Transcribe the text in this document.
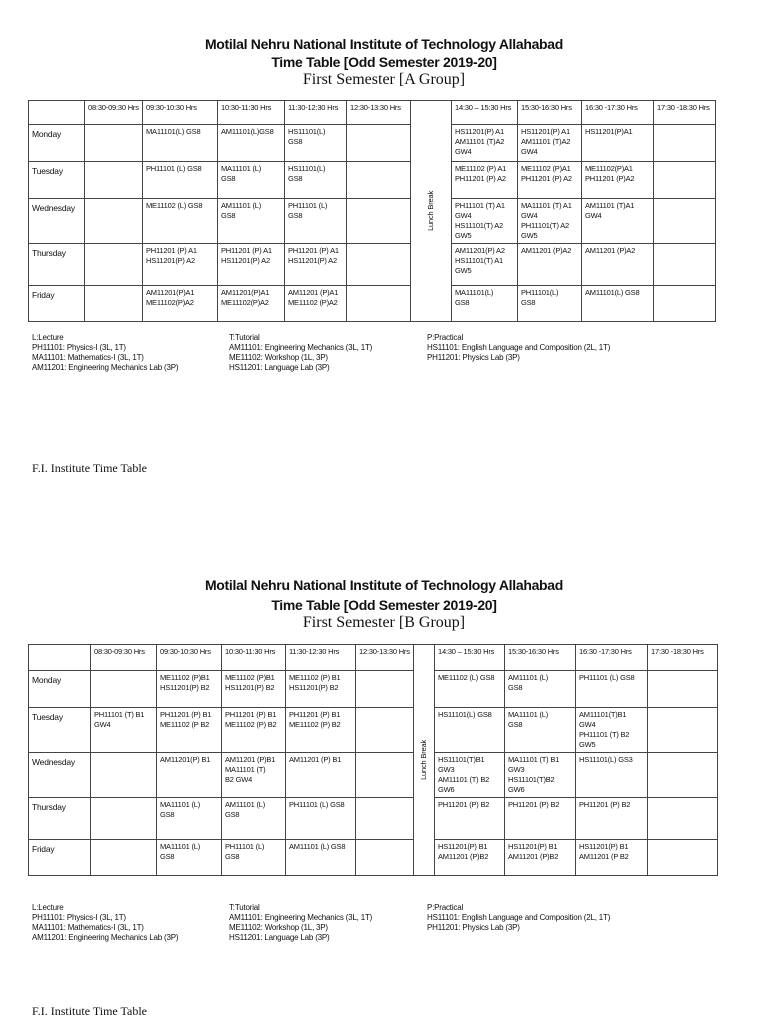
Motilal Nehru National Institute of Technology Allahabad
Time Table [Odd Semester 2019-20]
First Semester [A Group]
	08:30-09:30 Hrs	09:30-10:30 Hrs	10:30-11:30 Hrs	11:30-12:30 Hrs	12:30-13:30 Hrs	Lunch Break	14:30 – 15:30 Hrs	15:30-16:30 Hrs	16:30 -17:30 Hrs	17:30 -18:30 Hrs
Monday		MA11101(L) GS8	AM11101(L)GS8	HS11101(L)
GS8			HS11201(P) A1
AM11101 (T)A2
GW4	HS11201(P) A1
AM11101 (T)A2
GW4	HS11201(P)A1	
Tuesday		PH11101 (L) GS8	MA11101 (L)
GS8	HS11101(L)
GS8			ME11102 (P) A1
PH11201 (P) A2	ME11102 (P)A1
PH11201 (P) A2	ME11102(P)A1
PH11201 (P)A2	
Wednesday		ME11102 (L) GS8	AM11101 (L)
GS8	PH11101 (L)
GS8			PH11101 (T) A1
GW4
HS11101(T) A2
GW5	MA11101 (T) A1
GW4
PH11101(T) A2
GW5	AM11101 (T)A1
GW4	
Thursday		PH11201 (P) A1
HS11201(P) A2	PH11201 (P) A1
HS11201(P) A2	PH11201 (P) A1
HS11201(P) A2			AM11201(P) A2
HS11101(T) A1
GW5	AM11201 (P)A2	AM11201 (P)A2	
Friday		AM11201(P)A1
ME11102(P)A2	AM11201(P)A1
ME11102(P)A2	AM11201 (P)A1
ME11102 (P)A2			MA11101(L)
GS8	PH11101(L)
GS8	AM11101(L) GS8	
L:Lecture
PH11101: Physics-I (3L, 1T)
MA11101: Mathematics-I (3L, 1T)
AM11201: Engineering Mechanics Lab (3P)
T:Tutorial
AM11101: Engineering Mechanics (3L, 1T)
ME11102: Workshop (1L, 3P)
HS11201: Language Lab (3P)
P:Practical
HS11101: English Language and Composition (2L, 1T)
PH11201: Physics Lab (3P)
F.I. Institute Time Table
Motilal Nehru National Institute of Technology Allahabad
Time Table [Odd Semester 2019-20]
First Semester [B Group]
	08:30-09:30 Hrs	09:30-10:30 Hrs	10:30-11:30 Hrs	11:30-12:30 Hrs	12:30-13:30 Hrs	Lunch Break	14:30 – 15:30 Hrs	15:30-16:30 Hrs	16:30 -17:30 Hrs	17:30 -18:30 Hrs
Monday		ME11102 (P)B1
HS11201(P) B2	ME11102 (P)B1
HS11201(P) B2	ME11102 (P) B1
HS11201(P) B2			ME11102 (L) GS8	AM11101 (L)
GS8	PH11101 (L) GS8	
Tuesday	PH11101 (T) B1
GW4	PH11201 (P) B1
ME11102 (P B2	PH11201 (P) B1
ME11102 (P) B2	PH11201 (P) B1
ME11102 (P) B2			HS11101(L) GS8	MA11101 (L)
GS8	AM11101(T)B1
GW4
PH11101 (T) B2
GW5	
Wednesday		AM11201(P) B1	AM11201 (P)B1
MA11101 (T)
B2 GW4	AM11201 (P) B1			HS11101(T)B1
GW3
AM11101 (T) B2
GW6	MA11101 (T) B1
GW3
HS11101(T)B2
GW6	HS11101(L) GS3	
Thursday		MA11101 (L)
GS8	AM11101 (L)
GS8	PH11101 (L) GS8			PH11201 (P) B2	PH11201 (P) B2	PH11201 (P) B2	
Friday		MA11101 (L)
GS8	PH11101 (L)
GS8	AM11101 (L) GS8			HS11201(P) B1
AM11201 (P)B2	HS11201(P) B1
AM11201 (P)B2	HS11201(P) B1
AM11201 (P B2	
L:Lecture
PH11101: Physics-I (3L, 1T)
MA11101: Mathematics-I (3L, 1T)
AM11201: Engineering Mechanics Lab (3P)
T:Tutorial
AM11101: Engineering Mechanics (3L, 1T)
ME11102: Workshop (1L, 3P)
HS11201: Language Lab (3P)
P:Practical
HS11101: English Language and Composition (2L, 1T)
PH11201: Physics Lab (3P)
F.I. Institute Time Table
